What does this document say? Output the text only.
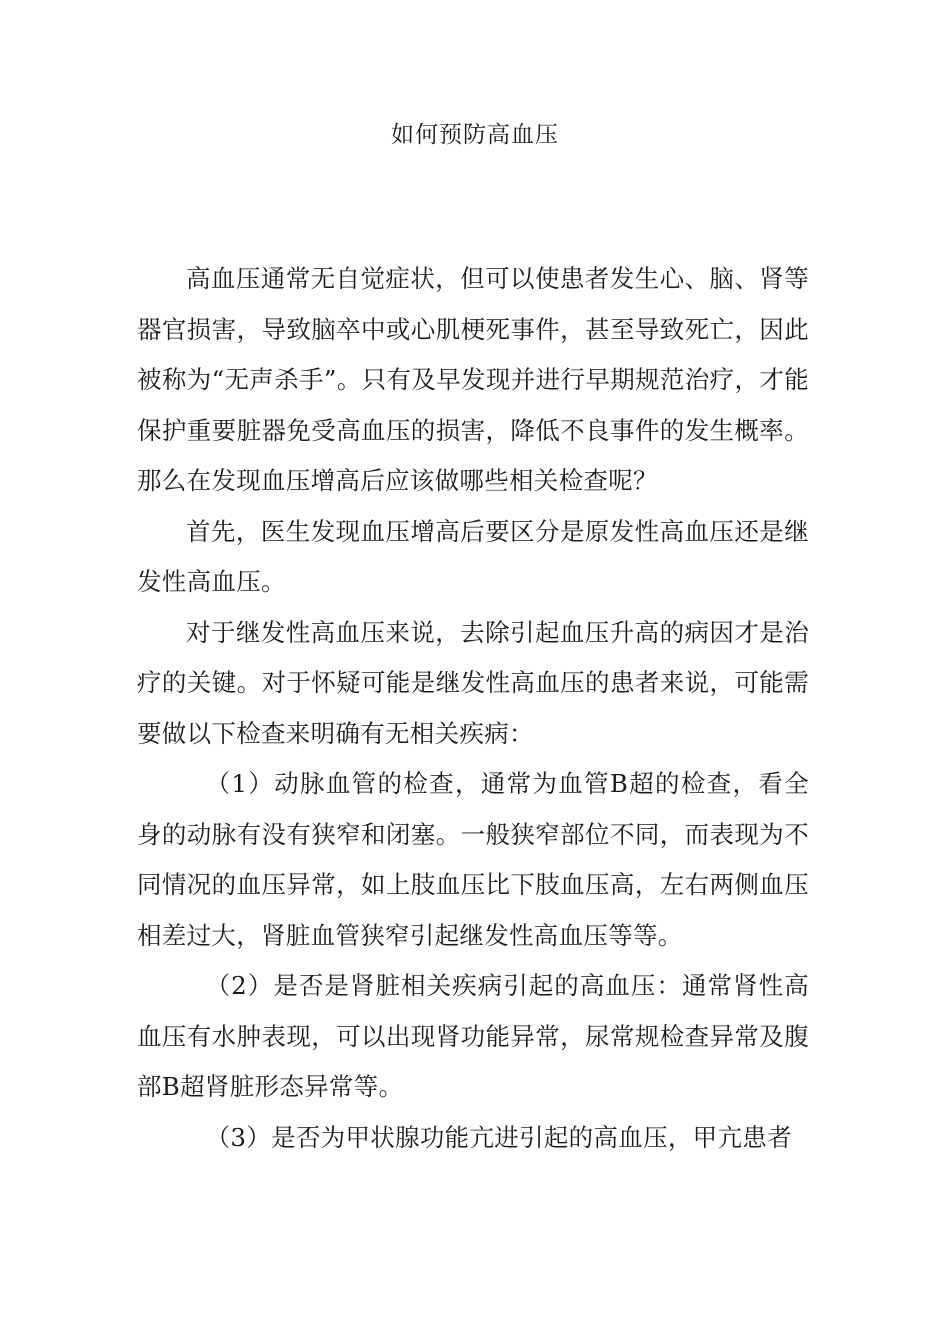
如何预防高血压

高血压通常无自觉症状，但可以使患者发生心、脑、肾等器官损害，导致脑卒中或心肌梗死事件，甚至导致死亡，因此被称为“无声杀手”。只有及早发现并进行早期规范治疗，才能保护重要脏器免受高血压的损害，降低不良事件的发生概率。那么在发现血压增高后应该做哪些相关检查呢？

首先，医生发现血压增高后要区分是原发性高血压还是继发性高血压。

对于继发性高血压来说，去除引起血压升高的病因才是治疗的关键。对于怀疑可能是继发性高血压的患者来说，可能需要做以下检查来明确有无相关疾病：

（1）动脉血管的检查，通常为血管B超的检查，看全身的动脉有没有狭窄和闭塞。一般狭窄部位不同，而表现为不同情况的血压异常，如上肢血压比下肢血压高，左右两侧血压相差过大，肾脏血管狭窄引起继发性高血压等等。

（2）是否是肾脏相关疾病引起的高血压：通常肾性高血压有水肿表现，可以出现肾功能异常，尿常规检查异常及腹部B超肾脏形态异常等。

（3）是否为甲状腺功能亢进引起的高血压，甲亢患者
